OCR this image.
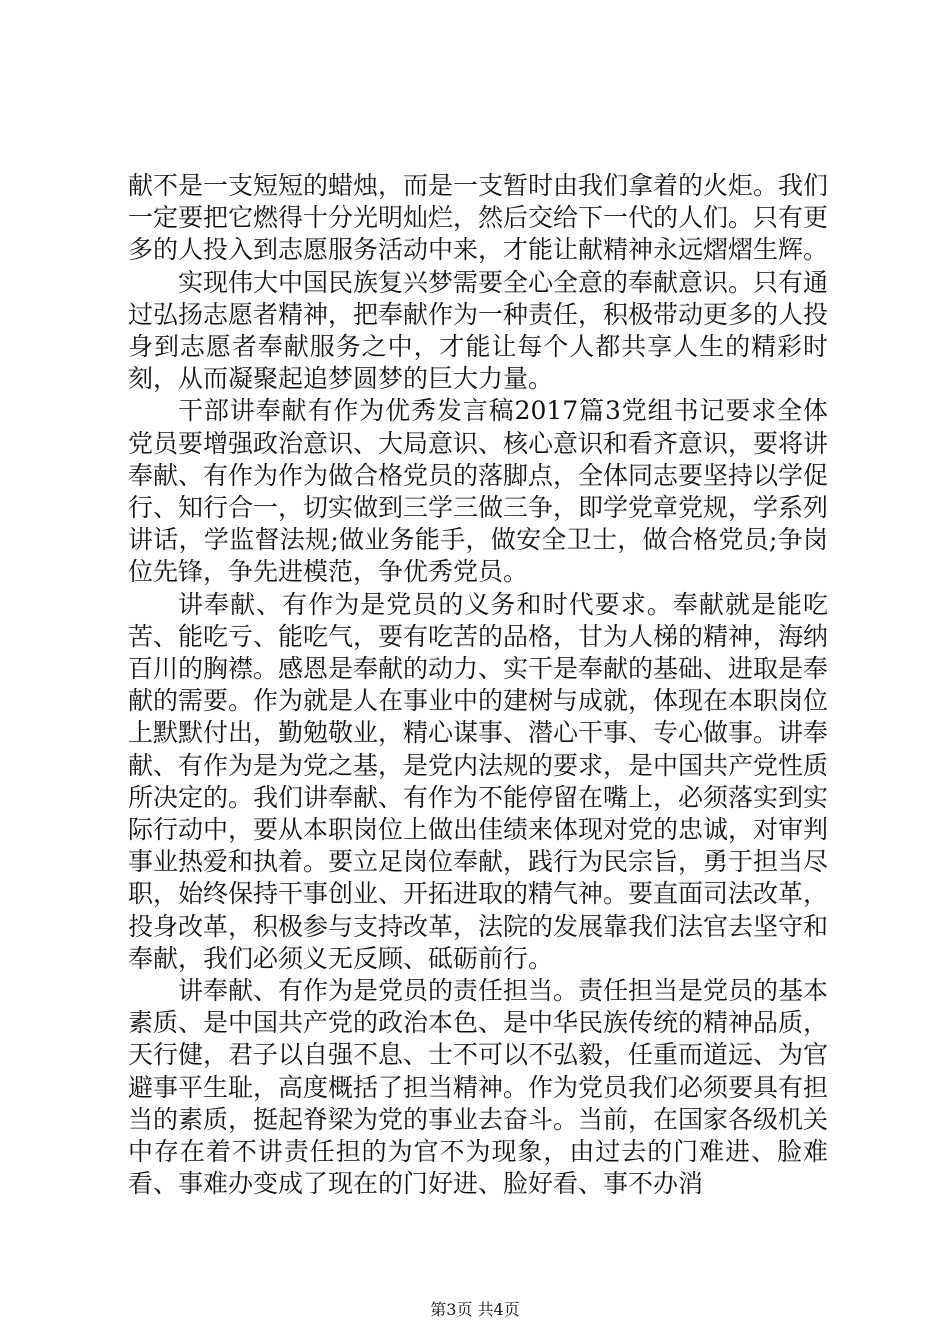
献不是一支短短的蜡烛，而是一支暂时由我们拿着的火炬。我们一定要把它燃得十分光明灿烂，然后交给下一代的人们。只有更多的人投入到志愿服务活动中来，才能让献精神永远熠熠生辉。

实现伟大中国民族复兴梦需要全心全意的奉献意识。只有通过弘扬志愿者精神，把奉献作为一种责任，积极带动更多的人投身到志愿者奉献服务之中，才能让每个人都共享人生的精彩时刻，从而凝聚起追梦圆梦的巨大力量。

干部讲奉献有作为优秀发言稿2017篇3党组书记要求全体党员要增强政治意识、大局意识、核心意识和看齐意识，要将讲奉献、有作为作为做合格党员的落脚点，全体同志要坚持以学促行、知行合一，切实做到三学三做三争，即学党章党规，学系列讲话，学监督法规;做业务能手，做安全卫士，做合格党员;争岗位先锋，争先进模范，争优秀党员。

讲奉献、有作为是党员的义务和时代要求。奉献就是能吃苦、能吃亏、能吃气，要有吃苦的品格，甘为人梯的精神，海纳百川的胸襟。感恩是奉献的动力、实干是奉献的基础、进取是奉献的需要。作为就是人在事业中的建树与成就，体现在本职岗位上默默付出，勤勉敬业，精心谋事、潜心干事、专心做事。讲奉献、有作为是为党之基，是党内法规的要求，是中国共产党性质所决定的。我们讲奉献、有作为不能停留在嘴上，必须落实到实际行动中，要从本职岗位上做出佳绩来体现对党的忠诚，对审判事业热爱和执着。要立足岗位奉献，践行为民宗旨，勇于担当尽职，始终保持干事创业、开拓进取的精气神。要直面司法改革，投身改革，积极参与支持改革，法院的发展靠我们法官去坚守和奉献，我们必须义无反顾、砥砺前行。

讲奉献、有作为是党员的责任担当。责任担当是党员的基本素质、是中国共产党的政治本色、是中华民族传统的精神品质，天行健，君子以自强不息、士不可以不弘毅，任重而道远、为官避事平生耻，高度概括了担当精神。作为党员我们必须要具有担当的素质，挺起脊梁为党的事业去奋斗。当前，在国家各级机关中存在着不讲责任担的为官不为现象，由过去的门难进、脸难看、事难办变成了现在的门好进、脸好看、事不办消

第3页 共4页
